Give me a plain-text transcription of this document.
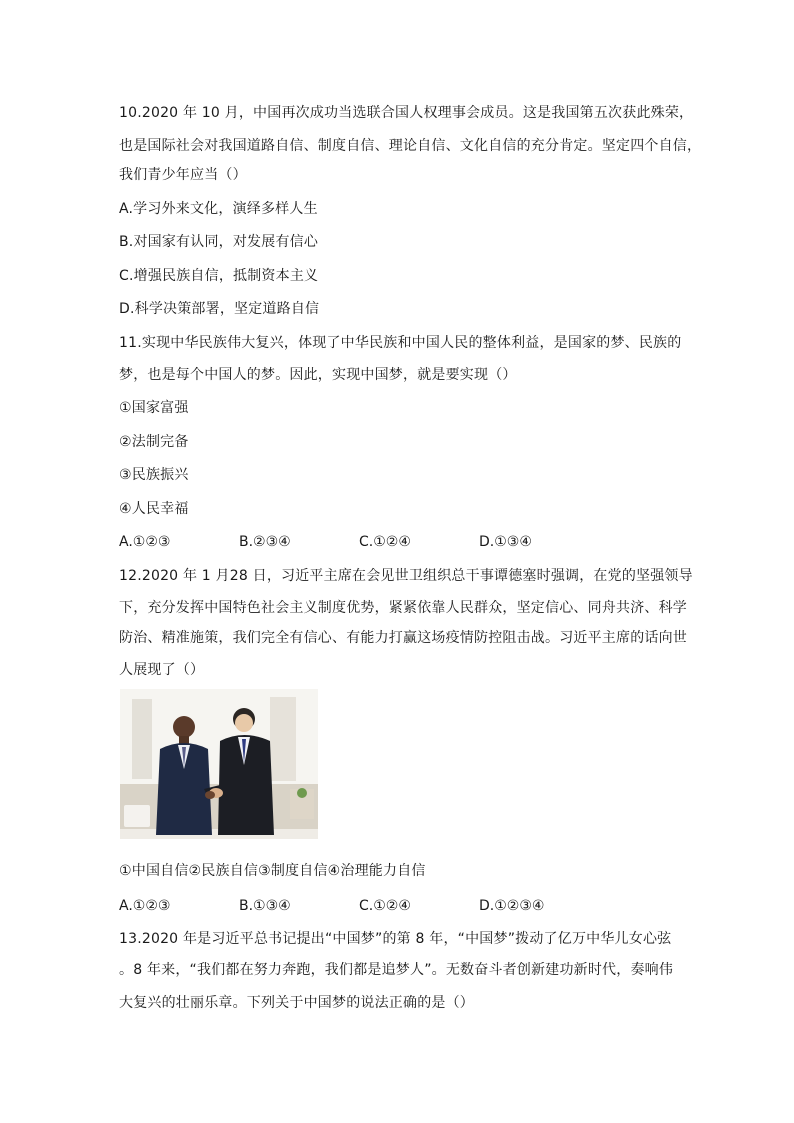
10.2020 年 10 月，中国再次成功当选联合国人权理事会成员。这是我国第五次获此殊荣，
也是国际社会对我国道路自信、制度自信、理论自信、文化自信的充分肯定。坚定四个自信，
我们青少年应当（）
A.学习外来文化，演绎多样人生
B.对国家有认同，对发展有信心
C.增强民族自信，抵制资本主义
D.科学决策部署，坚定道路自信
11.实现中华民族伟大复兴，体现了中华民族和中国人民的整体利益，是国家的梦、民族的
梦，也是每个中国人的梦。因此，实现中国梦，就是要实现（）
①国家富强
②法制完备
③民族振兴
④人民幸福
A.①②③	B.②③④	C.①②④	D.①③④
12.2020 年 1 月28 日，习近平主席在会见世卫组织总干事谭德塞时强调，在党的坚强领导
下，充分发挥中国特色社会主义制度优势，紧紧依靠人民群众，坚定信心、同舟共济、科学
防治、精准施策，我们完全有信心、有能力打赢这场疫情防控阻击战。习近平主席的话向世
人展现了（）
①中国自信②民族自信③制度自信④治理能力自信
A.①②③	B.①③④	C.①②④	D.①②③④
13.2020 年是习近平总书记提出“中国梦”的第 8 年，“中国梦”拨动了亿万中华儿女心弦
。8 年来，“我们都在努力奔跑，我们都是追梦人”。无数奋斗者创新建功新时代，奏响伟
大复兴的壮丽乐章。下列关于中国梦的说法正确的是（）
